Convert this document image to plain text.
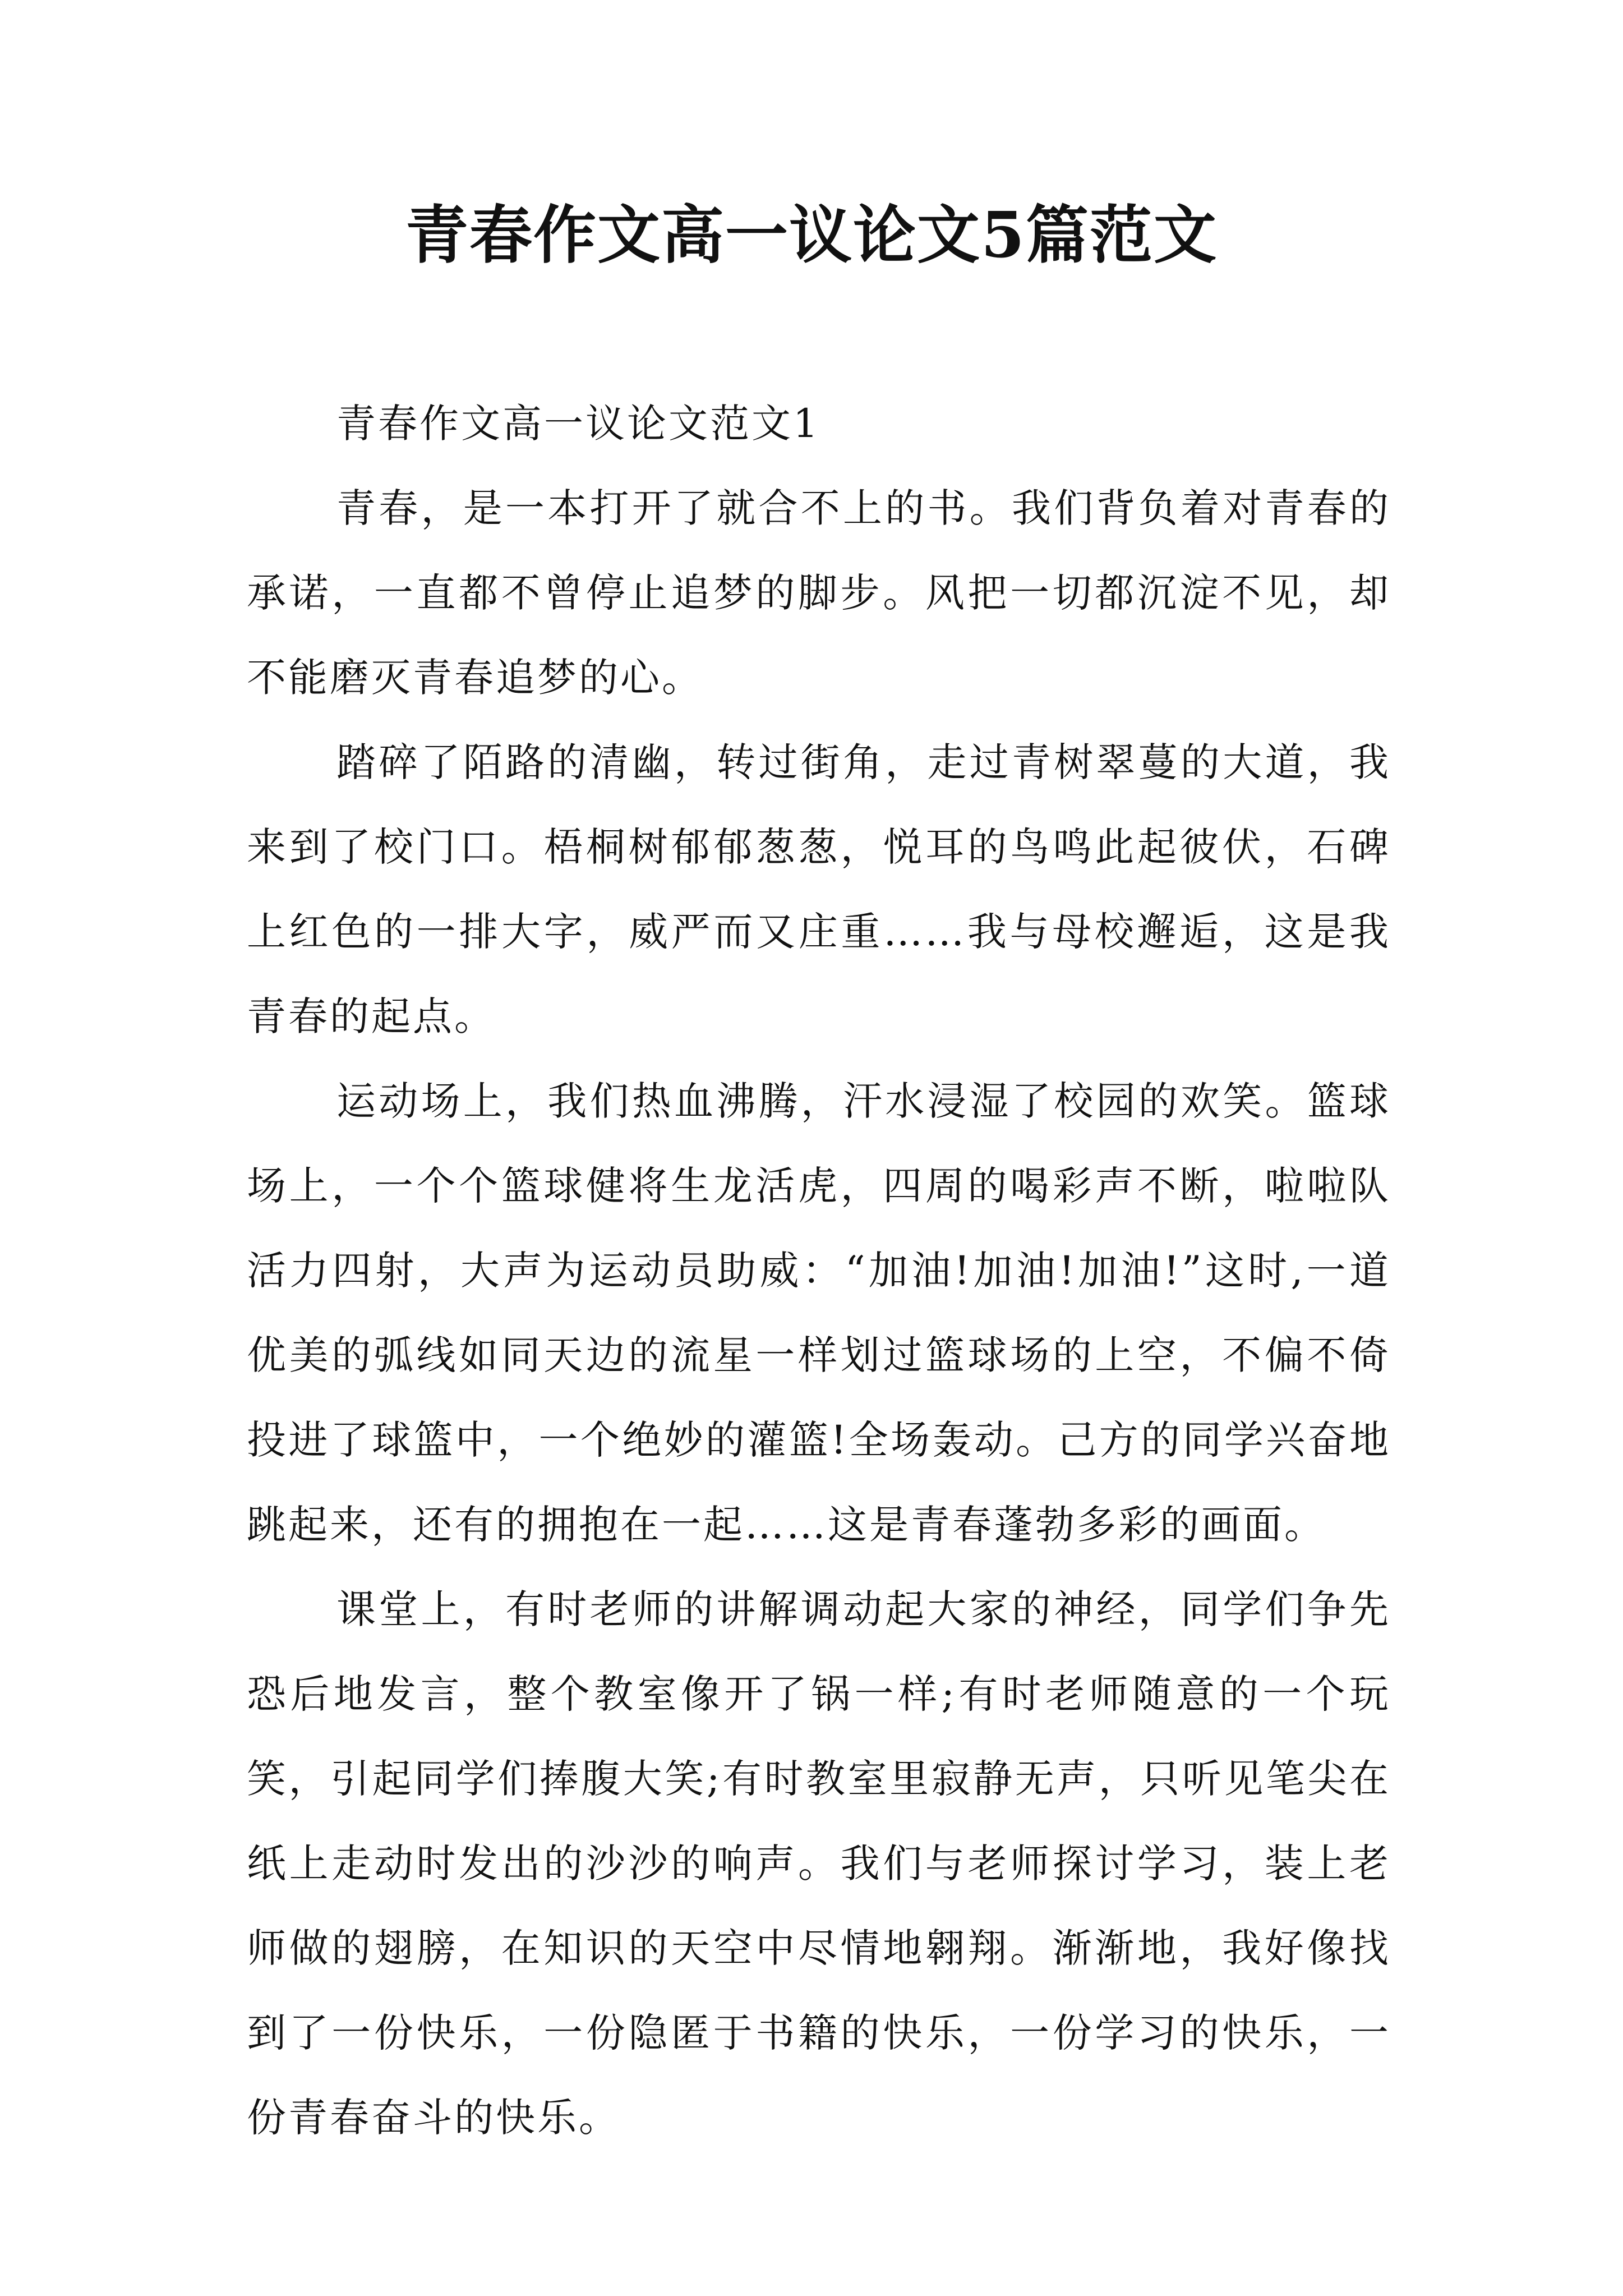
青春作文高一议论文5篇范文

青春作文高一议论文范文1

青春，是一本打开了就合不上的书。我们背负着对青春的承诺，一直都不曾停止追梦的脚步。风把一切都沉淀不见，却不能磨灭青春追梦的心。

踏碎了陌路的清幽，转过街角，走过青树翠蔓的大道，我来到了校门口。梧桐树郁郁葱葱，悦耳的鸟鸣此起彼伏，石碑上红色的一排大字，威严而又庄重……我与母校邂逅，这是我青春的起点。

运动场上，我们热血沸腾，汗水浸湿了校园的欢笑。篮球场上，一个个篮球健将生龙活虎，四周的喝彩声不断，啦啦队活力四射，大声为运动员助威：“加油!加油!加油!”这时,一道优美的弧线如同天边的流星一样划过篮球场的上空，不偏不倚投进了球篮中，一个绝妙的灌篮!全场轰动。己方的同学兴奋地跳起来，还有的拥抱在一起……这是青春蓬勃多彩的画面。

课堂上，有时老师的讲解调动起大家的神经，同学们争先恐后地发言，整个教室像开了锅一样;有时老师随意的一个玩笑，引起同学们捧腹大笑;有时教室里寂静无声，只听见笔尖在纸上走动时发出的沙沙的响声。我们与老师探讨学习，装上老师做的翅膀，在知识的天空中尽情地翱翔。渐渐地，我好像找到了一份快乐，一份隐匿于书籍的快乐，一份学习的快乐，一份青春奋斗的快乐。
